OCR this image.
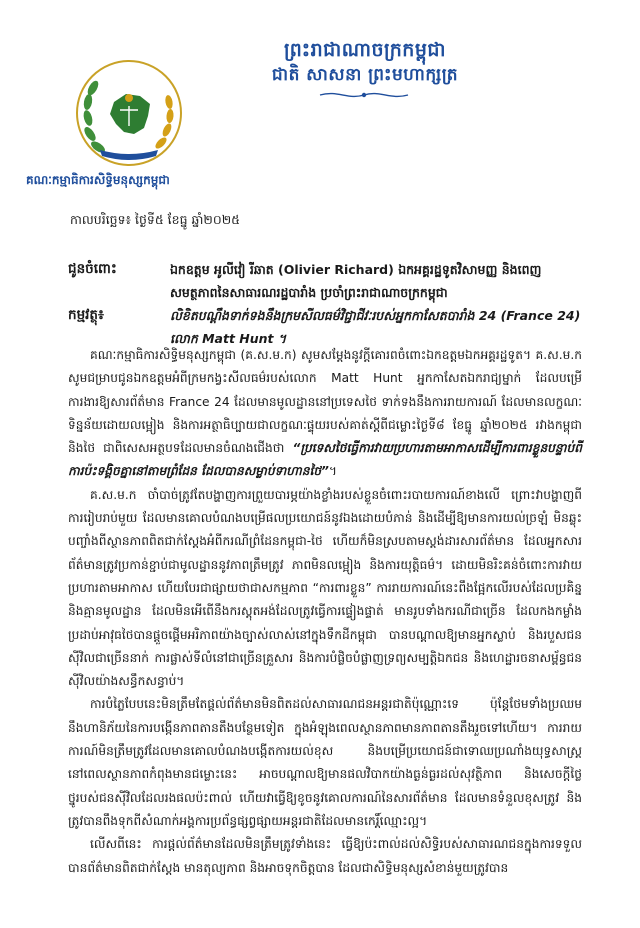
ព្រះរាជាណាចក្រកម្ពុជា
ជាតិ សាសនា ព្រះមហាក្សត្រ
គ.ស.ម.ក
គណៈកម្មាធិការសិទ្ធិមនុស្សកម្ពុជា
កាលបរិច្ឆេទ៖ ថ្ងៃទី៥ ខែធ្នូ ឆ្នាំ២០២៥
ជូនចំពោះ	ឯកឧត្តម អូលីវៀ រីឆាត (Olivier Richard) ឯកអគ្គរដ្ឋទូតវិសាមញ្ញ និងពេញសមត្ថភាពនៃសាធារណរដ្ឋបារាំង ប្រចាំព្រះរាជាណាចក្រកម្ពុជា
កម្មវត្ថុ៖	លិខិតបណ្ដឹងទាក់ទងនឹងក្រមសីលធម៌វិជ្ជាជីវៈរបស់អ្នកកាសែតបារាំង 24 (France 24) លោក Matt Hunt ។

គណៈកម្មាធិការសិទ្ធិមនុស្សកម្ពុជា (គ.ស.ម.ក) សូមសម្ដែងនូវក្ដីគោរពចំពោះឯកឧត្តមឯកអគ្គរដ្ឋទូត។ គ.ស.ម.ក សូមជម្រាបជូនឯកឧត្តមអំពីក្រមកង្វះសីលធម៌របស់លោក Matt Hunt អ្នកកាសែតឯករាជ្យម្នាក់ ដែលបម្រើការងារឱ្យសារព័ត៌មាន France 24 ដែលមានមូលដ្ឋាននៅប្រទេសថៃ ទាក់ទងនឹងការរាយការណ៍ ដែលមានលក្ខណៈទិន្នន័យដោយលម្អៀង និងការអត្ថាធិប្បាយជាលក្ខណៈផ្ទុយរបស់គាត់ស្ដីពីជម្លោះថ្ងៃទី៨ ខែធ្នូ ឆ្នាំ២០២៥ រវាងកម្ពុជា និងថៃ ជាពិសេសអត្ថបទដែលមានចំណងជើងថា “ប្រទេសថៃធ្វើការវាយប្រហារតាមអាកាសដើម្បីការពារខ្លួនបន្ទាប់ពីការប៉ះទង្គិចគ្នានៅតាមព្រំដែន ដែលបានសម្លាប់ទាហានថៃ”។

គ.ស.ម.ក ចាំបាច់ត្រូវតែបង្ហាញការព្រួយបារម្ភយ៉ាងខ្លាំងរបស់ខ្លួនចំពោះរបាយការណ៍ខាងលើ ព្រោះវាបង្ហាញពីការរៀបរាប់មួយ ដែលមានគោលបំណងបម្រើផលប្រយោជន៍នូវឯងដោយបំភាន់ និងដើម្បីឱ្យមានការយល់ច្រឡំ មិនឆ្លុះបញ្ចាំងពីស្ថានភាពពិតជាក់ស្ដែងអំពីករណីព្រំដែនកម្ពុជា-ថៃ ហើយក៏មិនស្របតាមស្ដង់ដារសារព័ត៌មាន ដែលអ្នកសារព័ត៌មានត្រូវប្រកាន់ខ្ជាប់ជាមូលដ្ឋាននូវភាពត្រឹមត្រូវ ភាពមិនលម្អៀង និងការយុត្តិធម៌។ ដោយមិនរិះគន់ចំពោះការវាយប្រហារតាមអាកាស ហើយបែរជាផ្សាយថាជាសកម្មភាព “ការពារខ្លួន” ការរាយការណ៍នេះពឹងផ្អែកលើរបស់ដែលប្រគិន្ន និងគ្មានមូលដ្ឋាន ដែលមិនអើពើនឹងករស្ដុតអង់ដែលត្រូវធ្វើការផ្ទៀងផ្ទាត់ មានរូបទាំងករណីជាច្រើន ដែលកងកម្លាំងប្រដាប់អាវុធថៃបានផ្ដួចផ្ដើមអរិភាពយ៉ាងច្បាស់លាស់នៅក្នុងទឹកដីកម្ពុជា បានបណ្ដាលឱ្យមានអ្នកស្លាប់ និងរបួសជនស៊ីវិលជាច្រើននាក់ ការផ្លាស់ទីលំនៅជាច្រើនគ្រួសារ និងការបំផ្លិចបំផ្លាញទ្រព្យសម្បត្តិឯកជន និងហេដ្ឋារចនាសម្ព័ន្ធជនស៊ីវិលយ៉ាងសន្ធឹកសន្ធាប់។

ការបំភ្លៃបែបនេះមិនត្រឹមតែផ្ដល់ព័ត៌មានមិនពិតដល់សាធារណជនអន្តរជាតិប៉ុណ្ណោះទេ ប៉ុន្តែថែមទាំងប្រឈមនឹងហានិភ័យនៃការបង្កើនភាពតានតឹងបន្ថែមទៀត ក្នុងអំឡុងពេលស្ថានភាពមានភាពតានតឹងរួចទៅហើយ។ ការរាយការណ៍មិនត្រឹមត្រូវដែលមានគោលបំណងបង្កើតការយល់ខុស និងបម្រើប្រយោជន៍ជាទោឈប្រណាំងយុទ្ធសាស្ត្រនៅពេលស្ថានភាពកំពុងមានជម្លោះនេះ អាចបណ្ដាលឱ្យមានផលវិបាកយ៉ាងធ្ងន់ធ្ងរដល់សុវត្ថិភាព និងសេចក្ដីថ្លៃថ្នូរបស់ជនស៊ីវិលដែលរងផលប៉ះពាល់ ហើយវាធ្វើឱ្យខូចនូវគោលការណ៍នៃសារព័ត៌មាន ដែលមានទំនួលខុសត្រូវ និងត្រូវបានពឹងទុកពីសំណាក់អង្គការប្រព័ន្ធផ្សព្វផ្សាយអន្តរជាតិដែលមានកេរ្តិ៍ឈ្មោះល្អ។

លើសពីនេះ ការផ្ដល់ព័ត៌មានដែលមិនត្រឹមត្រូវទាំងនេះ ធ្វើឱ្យប៉ះពាល់ដល់សិទ្ធិរបស់សាធារណជនក្នុងការទទួលបានព័ត៌មានពិតជាក់ស្ដែង មានតុល្យភាព និងអាចទុកចិត្តបាន ដែលជាសិទ្ធិមនុស្សសំខាន់មួយត្រូវបាន
